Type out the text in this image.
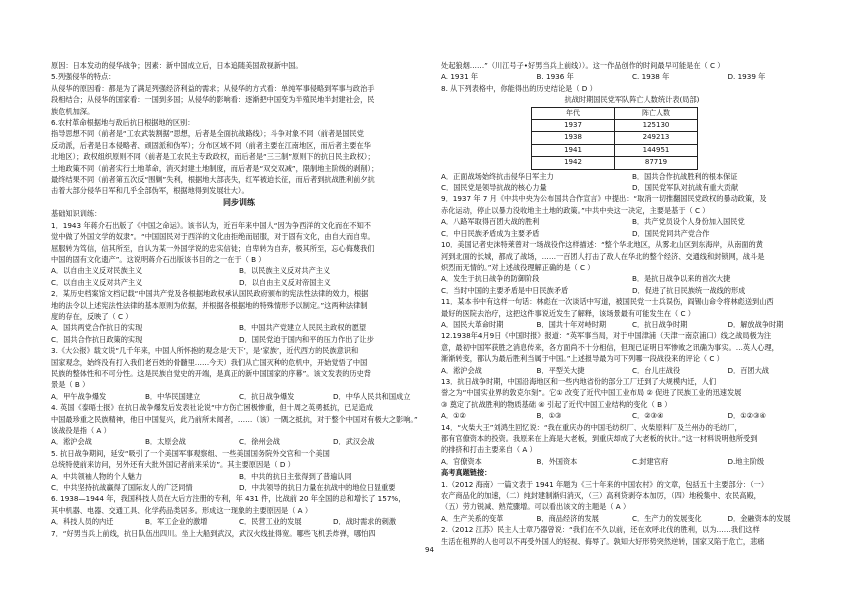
原因：日本发动的侵华战争；因素：新中国成立后，日本追随美国敌视新中国。
5.列强侵华的特点：
从侵华的原因看：都是为了满足列强经济利益的需求；从侵华的方式看：单纯军事侵略到军事与政治手
段相结合；从侵华的国家看：一国到多国；从侵华的影响看：逐渐把中国变为半殖民地半封建社会，民
族危机加深。
6.农村革命根据地与敌后抗日根据地的区别：
指导思想不同（前者是“工农武装割据”思想，后者是全面抗战路线）；斗争对象不同（前者是国民党
反动派，后者是日本侵略者、顽固派和伪军）；分布区域不同（前者主要在江南地区，而后者主要在华
北地区）；政权组织原则不同（前者是工农民主专政政权，而后者是“三三制”原则下的抗日民主政权）；
土地政策不同（前者实行土地革命，消灭封建土地制度，而后者是“双交双减”，限制地主阶级的剥削）；
最终结果不同（前者第五次反“围剿”失利，根据地大部丧失，红军被迫长征，而后者到抗战胜利前夕抗
击着大部分侵华日军和几乎全部伪军，根据地得到发展壮大）。
同步训练
基础知识训练：
1．1943 年蒋介石出版了《中国之命运》。该书认为，近百年来中国人“因为争西洋的文化而在不知不
觉中做了外国文学的奴隶”。“中国国民对于西洋的文化由拒绝而屈服，对于固有文化，由自大而自卑。
屈服转为笃信，信其所至，自认为某一外国学说的忠实信徒；自卑转为自弃，极其所至，忘心侮蔑我们
中国的固有文化遗产”。这说明蒋介石出版该书目的之一在于（ B ）
A．以自由主义反对民族主义	B．以民族主义反对共产主义
C．以自由主义反对共产主义	D．以自由主义反对帝国主义
2．某历史档案馆文档记载“中国共产党及各根据地政权承认国民政府颁布的宪法性法律的效力，根据
地的法令以上述宪法性法律的基本原则为依据，并根据各根据地的特殊情形予以制定。”这两种法律制
度的存在，反映了（ C ）
A．国共两党合作抗日的实现	B．中国共产党建立人民民主政权的愿望
C．国共合作抗日政策的实现	D．国民党迫于国内和平的压力作出了让步
3.《大公报》载文说“几千年来，中国人所怀抱的观念是‘天下’，是‘家族’，近代西方的民族意识和
国家观念，始终没有打入我们老百姓的骨髓里……今天）我们从亡国灭种的危机中，开始觉悟了中国
民族的整体性和不可分性。这是民族自觉史的开端，是真正的新中国国家的序幕”。该文发表的历史背
景是（ B ）
A．甲午战争爆发	B．中华民国建立	C．抗日战争爆发	D．中华人民共和国成立
4. 英国《泰晤士报》在抗日战争爆发后发表社论说“中方伤亡困极惨重，但十周之英勇抵抗，已足造成
中国最珍重之民族精神，他日中国复兴，此乃前所未闻者，……（该）一隅之抵抗，对于整个中国对有极大之影响。”
该战役是指（ A ）
A．淞沪会战	B．太原会战	C．徐州会战	D．武汉会战
5. 抗日战争期间，延安“吸引了一个美国军事观察组、一些美国国务院外交官和一个美国
总统特使前来访问，另外还有大批外国记者前来采访”。其主要原因是（ D ）
A．中共领袖人物的个人魅力	B．中共的抗日主张得到了普遍认同
C．中共坚持抗战赢得了国际友人的广泛同情	D．中共领导的抗日力量在抗战中的地位日显重要
6. 1938—1944 年，我国科技人员在大后方注册的专利，年 431 件，比战前 20 年全国的总和增长了 157%，
其中机器、电器、交通工具、化学药品类居多。形成这一现象的主要原因是（ A ）
A．科技人员的内迁	B．军工企业的激增	C．民营工业的发展	D．战时需求的刺激
7．“好男当兵上前线，抗日队伍出四川。坐上大船到武汉，武汉火线扯得宽。哪些飞机丢炸弹，哪怕四
处起狼烟……”（川江号子•好男当兵上前线））。这一作品创作的时间最早可能是在（ C ）
A. 1931 年	B. 1936 年	C. 1938 年	D. 1939 年
8. 从下列表格中，你能得出的历史结论是（ D ）
抗战时期国民党军队阵亡人数统计表(局部)
年代	阵亡人数
1937	125130
1938	249213
1941	144951
1942	87719
A．正面战场始终抗击侵华日军主力	B．国共合作抗战胜利的根本保证
C．国民党是领导抗战的核心力量	D．国民党军队对抗战有重大贡献
9．1937 年 7 月《中共中央为公布国共合作宣言》中提出：“取消一切推翻国民党政权的暴动政策，及
赤化运动，停止以暴力没收地主土地的政策。”中共中央这一决定，主要是基于（ C ）
A．八路军取得百团大战的胜利	B．共产党员设个人身份加入国民党
C．中日民族矛盾成为主要矛盾	D．国民党同共产党合作
10．美国记者史沫特莱曾对一场战役作这样描述：“整个华北地区，从雾北山区到东海岸，从南面的黄
河到北面的长城，都成了战场，……一百团人打击了敌人在华北的整个经济、交通线和封锁网，战斗是
炽烈而无情的。”对上述战役理解正确的是（ C ）
A．发生于抗日战争的防御阶段	B．是抗日战争以来的首次大捷
C．当时中国的主要矛盾是中日民族矛盾	D．促进了抗日民族统一战线的形成
11．某本书中有这样一句话：林彪在一次谈话中写道，被国民党一士兵误伤，阎锡山命令将林彪送到山西
最好的医院去治疗，这把这件事说近发生了解释，该场景最有可能发生在（ C ）
A．国民大革命时期	B．国共十年对峙时期	C．抗日战争时期	D．解放战争时期
12.1938年4月9日《中国时报》报道：“英军事当局，对于中国津浦（天津一南京浦口）线之战局极为注
意，最初中国军获胜之消息传来，各方面尚不十分相信，但现已证明日军惨败之讯确为事实。…英人心理，
渐渐转变，都认为最后胜利当属于中国。”上述报导最为可下列哪一段战役来的评论（ C ）
A．淞沪会战	B．平型关大捷	C．台儿庄战役	D．百团大战
13．抗日战争时期，中国沿海地区和一些内地省份的部分工厂迁到了大规模内迁，人们
誉之为“中国实业界的敦克尔刻”。它① 改变了近代中国工业布局 ② 促进了民族工业的迅速发展
③ 奠定了抗战胜利的物质基础 ④ 引起了近代中国工业结构的变化（ B ）
A．①②	B．①③	C．②③④	D．①②③④
14．“火柴大王”刘鸿生回忆说：“我在重庆办的中国毛纺织厂、火柴原料厂及兰州办的毛纺厂，
都有官僚资本的投资。我原来在上海是大老板，到重庆却成了大老板的伙计。”这一材料说明他所受到
的排挤和打击主要来自（ A ）
A．官僚资本	B．外国资本	C.封建官府	D.地主阶级
高考真题链接：
1.（2012 海南）一篇文表于 1941 年题为《三十年来的中国农村》的文章，包括五十主要部分：（一）
农产商品化的加速，（二）纯封建制渐归消灭，（三）高利贷剥夺本加厉，（四）地税集中、农民高殿，
（五）劳力锐减、熟荒骤增。可以看出该文的主题是（ A ）
A．生产关系的变革	B．商品经济的发展	C．生产力的发展变化	D．金融资本的发展
2.（2012 江苏）民主人士章乃器曾说：“我们在不久以前，还在欢呼北伐的胜利，以为……我们这样
生活在租界的人也可以不再受外国人的轻视、侮辱了。孰知大好形势突然逆转，国家又陷于危亡，悲痛
94
